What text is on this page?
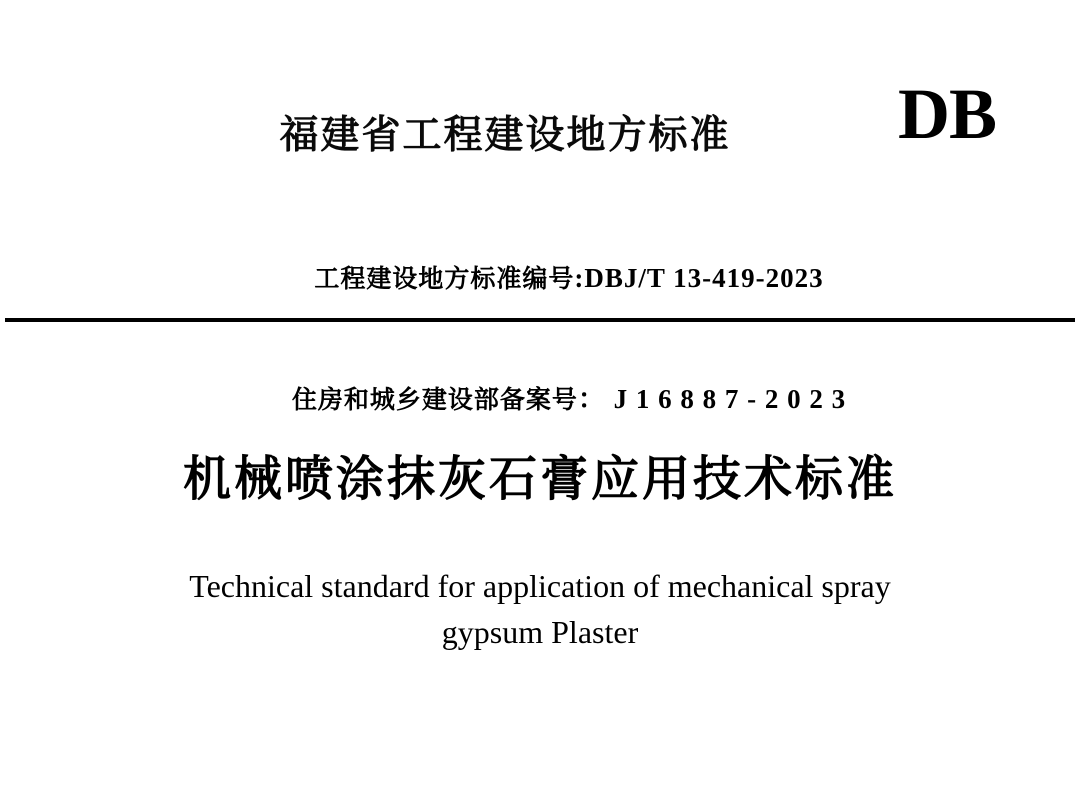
福建省工程建设地方标准	DB

工程建设地方标准编号:DBJ/T 13-419-2023

住房和城乡建设部备案号： J 1 6 8 8 7 - 2 0 2 3

机械喷涂抹灰石膏应用技术标准
Technical standard for application of mechanical spray
gypsum Plaster
